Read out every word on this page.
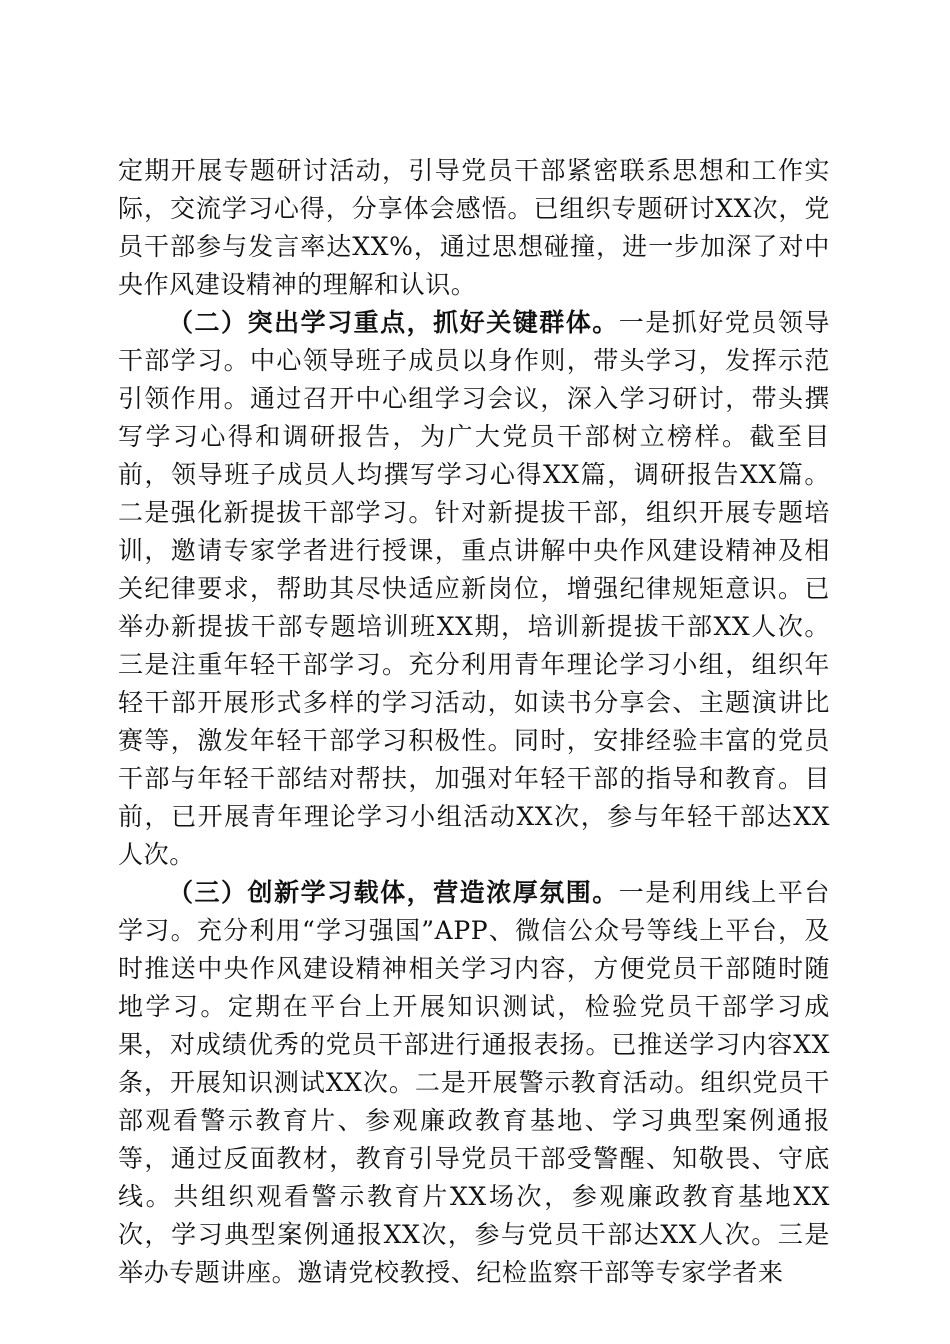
定期开展专题研讨活动，引导党员干部紧密联系思想和工作实际，交流学习心得，分享体会感悟。已组织专题研讨XX次，党员干部参与发言率达XX%，通过思想碰撞，进一步加深了对中央作风建设精神的理解和认识。

（二）突出学习重点，抓好关键群体。一是抓好党员领导干部学习。中心领导班子成员以身作则，带头学习，发挥示范引领作用。通过召开中心组学习会议，深入学习研讨，带头撰写学习心得和调研报告，为广大党员干部树立榜样。截至目前，领导班子成员人均撰写学习心得XX篇，调研报告XX篇。二是强化新提拔干部学习。针对新提拔干部，组织开展专题培训，邀请专家学者进行授课，重点讲解中央作风建设精神及相关纪律要求，帮助其尽快适应新岗位，增强纪律规矩意识。已举办新提拔干部专题培训班XX期，培训新提拔干部XX人次。三是注重年轻干部学习。充分利用青年理论学习小组，组织年轻干部开展形式多样的学习活动，如读书分享会、主题演讲比赛等，激发年轻干部学习积极性。同时，安排经验丰富的党员干部与年轻干部结对帮扶，加强对年轻干部的指导和教育。目前，已开展青年理论学习小组活动XX次，参与年轻干部达XX人次。

（三）创新学习载体，营造浓厚氛围。一是利用线上平台学习。充分利用“学习强国”APP、微信公众号等线上平台，及时推送中央作风建设精神相关学习内容，方便党员干部随时随地学习。定期在平台上开展知识测试，检验党员干部学习成果，对成绩优秀的党员干部进行通报表扬。已推送学习内容XX条，开展知识测试XX次。二是开展警示教育活动。组织党员干部观看警示教育片、参观廉政教育基地、学习典型案例通报等，通过反面教材，教育引导党员干部受警醒、知敬畏、守底线。共组织观看警示教育片XX场次，参观廉政教育基地XX次，学习典型案例通报XX次，参与党员干部达XX人次。三是举办专题讲座。邀请党校教授、纪检监察干部等专家学者来
